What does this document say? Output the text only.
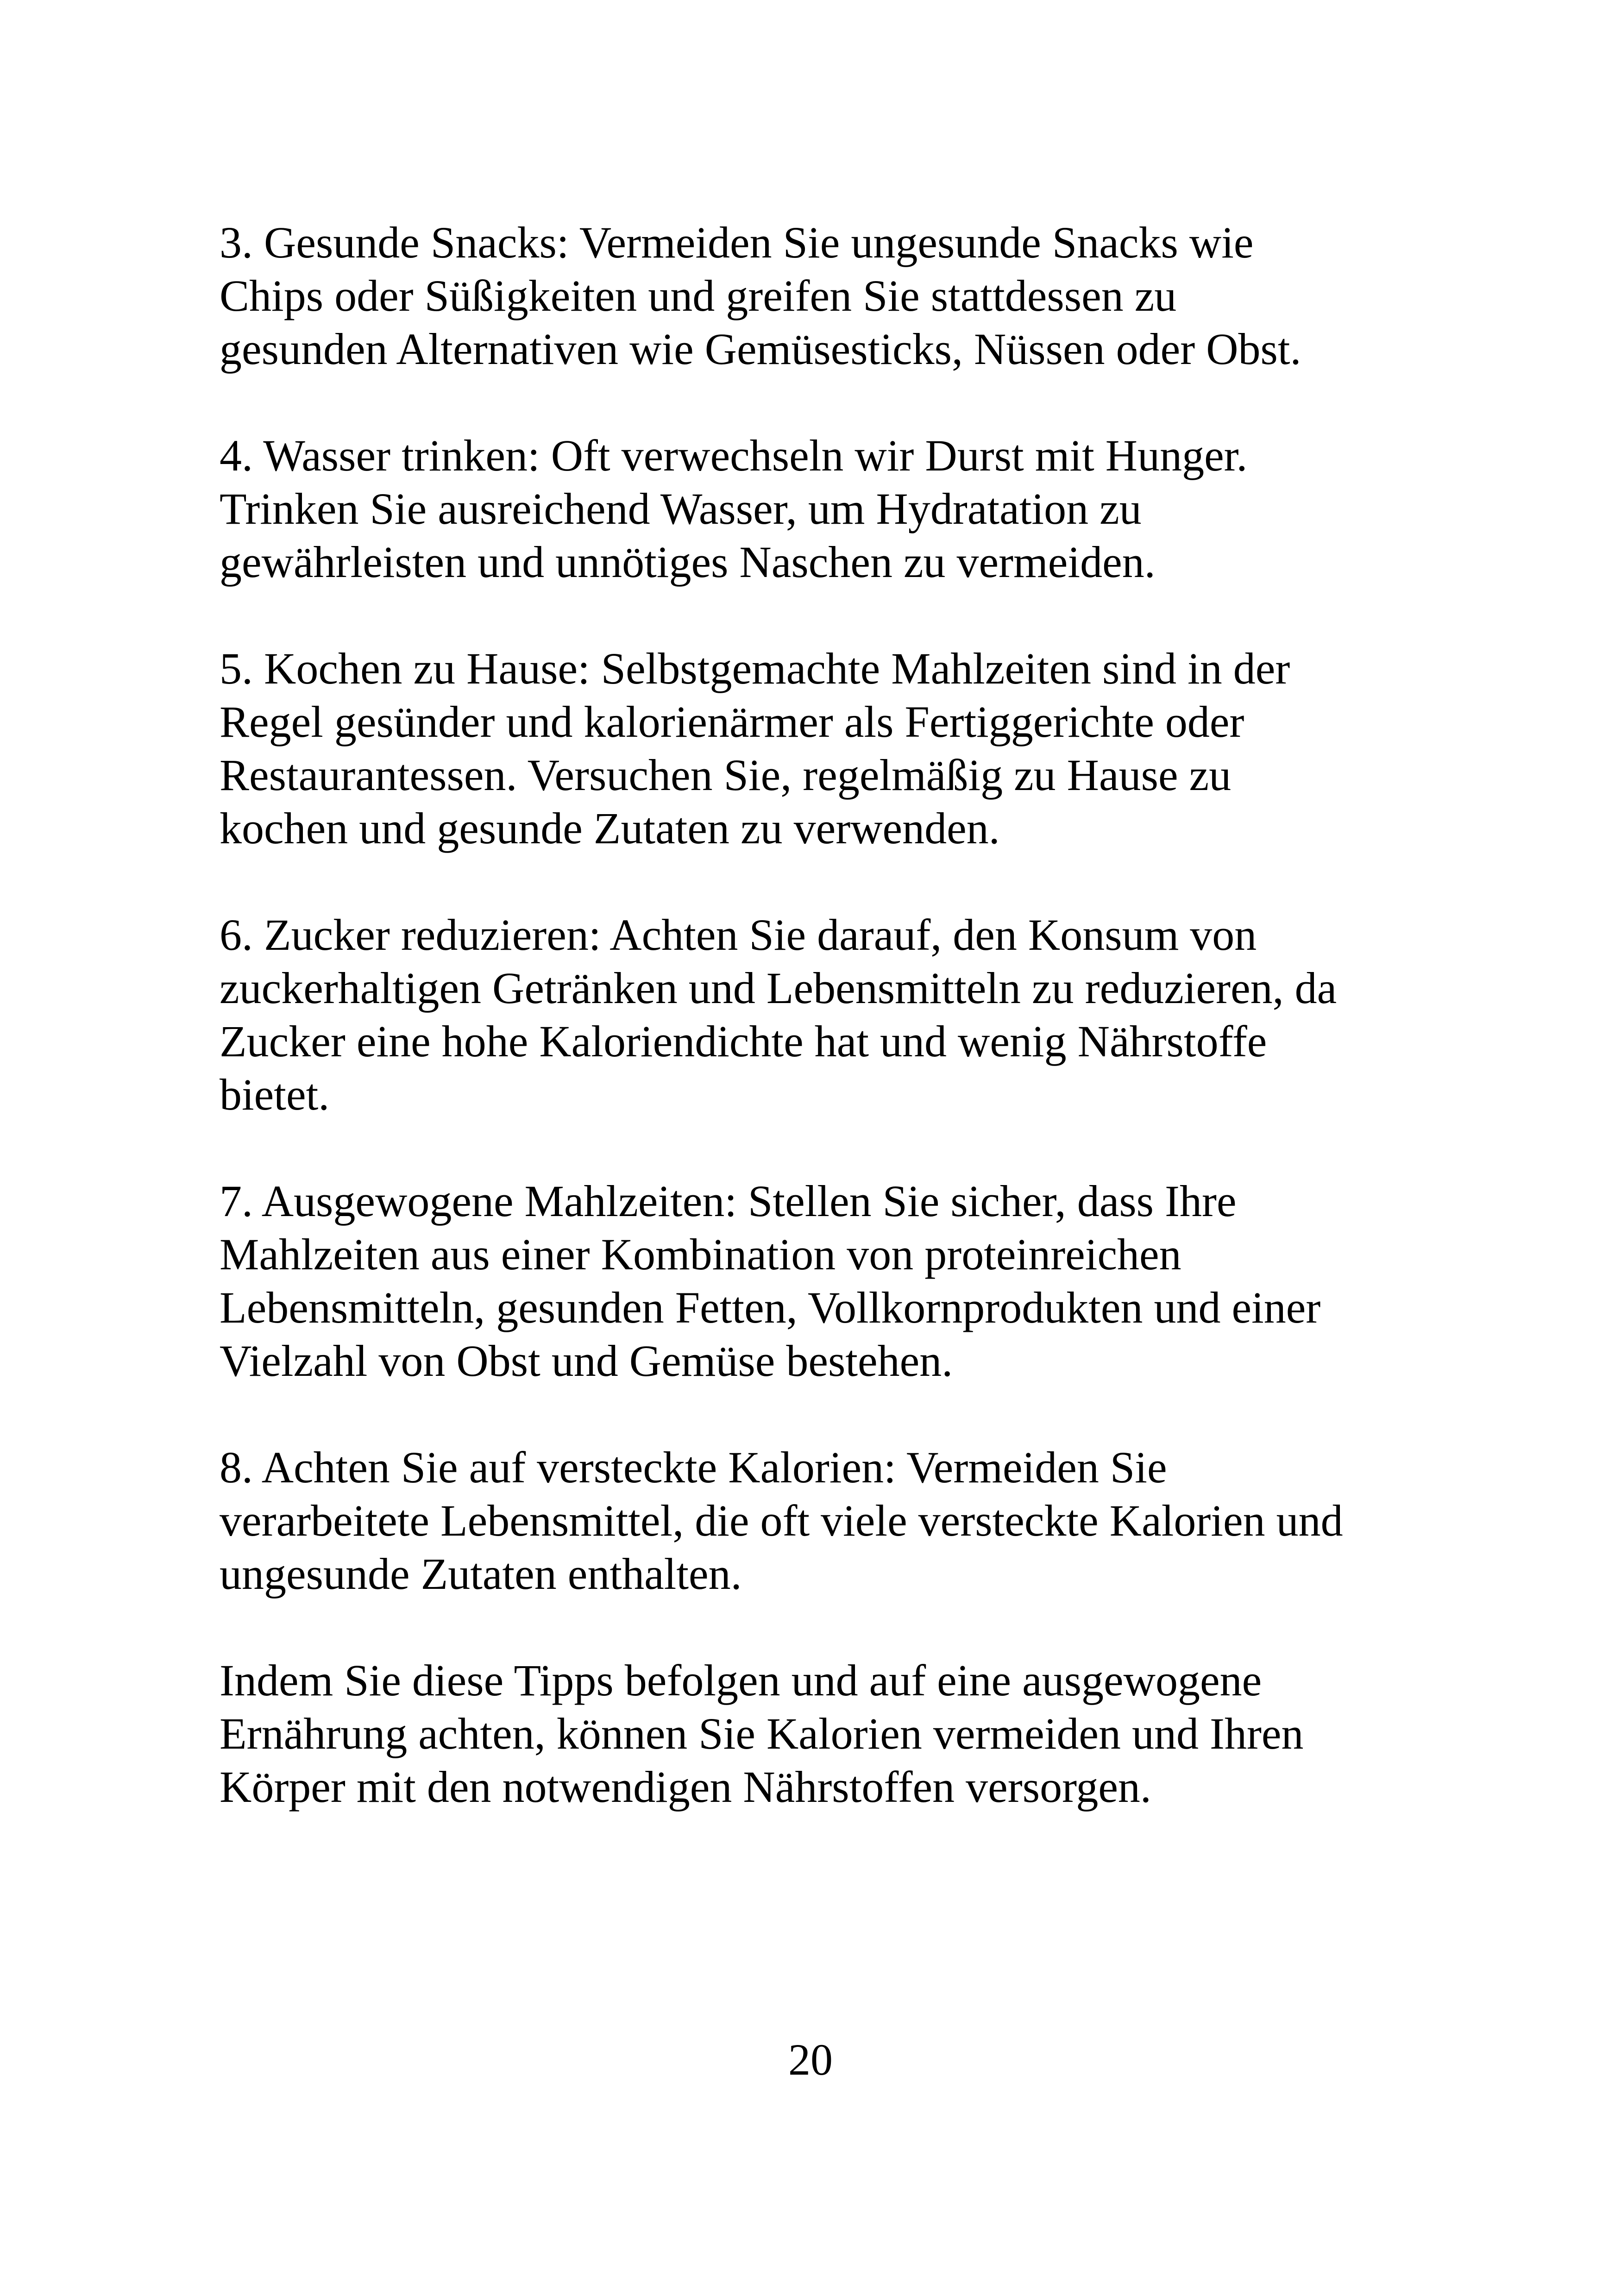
3. Gesunde Snacks: Vermeiden Sie ungesunde Snacks wie
Chips oder Süßigkeiten und greifen Sie stattdessen zu
gesunden Alternativen wie Gemüsesticks, Nüssen oder Obst.

4. Wasser trinken: Oft verwechseln wir Durst mit Hunger.
Trinken Sie ausreichend Wasser, um Hydratation zu
gewährleisten und unnötiges Naschen zu vermeiden.

5. Kochen zu Hause: Selbstgemachte Mahlzeiten sind in der
Regel gesünder und kalorienärmer als Fertiggerichte oder
Restaurantessen. Versuchen Sie, regelmäßig zu Hause zu
kochen und gesunde Zutaten zu verwenden.

6. Zucker reduzieren: Achten Sie darauf, den Konsum von
zuckerhaltigen Getränken und Lebensmitteln zu reduzieren, da
Zucker eine hohe Kaloriendichte hat und wenig Nährstoffe
bietet.

7. Ausgewogene Mahlzeiten: Stellen Sie sicher, dass Ihre
Mahlzeiten aus einer Kombination von proteinreichen
Lebensmitteln, gesunden Fetten, Vollkornprodukten und einer
Vielzahl von Obst und Gemüse bestehen.

8. Achten Sie auf versteckte Kalorien: Vermeiden Sie
verarbeitete Lebensmittel, die oft viele versteckte Kalorien und
ungesunde Zutaten enthalten.

Indem Sie diese Tipps befolgen und auf eine ausgewogene
Ernährung achten, können Sie Kalorien vermeiden und Ihren
Körper mit den notwendigen Nährstoffen versorgen.

20
